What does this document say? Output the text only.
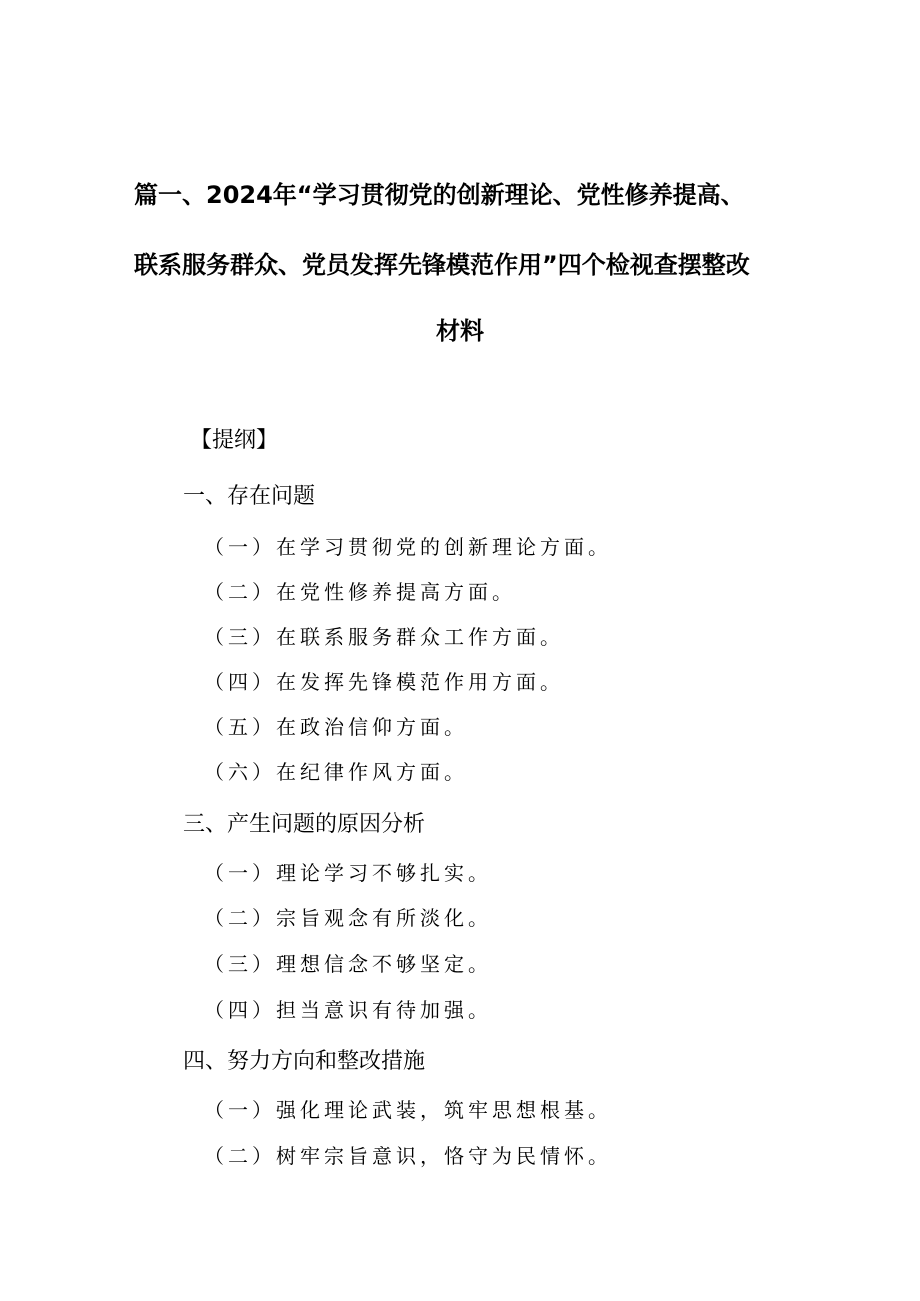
篇一、2024年“学习贯彻党的创新理论、党性修养提高、
联系服务群众、党员发挥先锋模范作用”四个检视查摆整改
材料
【提纲】
一、存在问题
（一）在学习贯彻党的创新理论方面。
（二）在党性修养提高方面。
（三）在联系服务群众工作方面。
（四）在发挥先锋模范作用方面。
（五）在政治信仰方面。
（六）在纪律作风方面。
三、产生问题的原因分析
（一）理论学习不够扎实。
（二）宗旨观念有所淡化。
（三）理想信念不够坚定。
（四）担当意识有待加强。
四、努力方向和整改措施
（一）强化理论武装，筑牢思想根基。
（二）树牢宗旨意识，恪守为民情怀。
